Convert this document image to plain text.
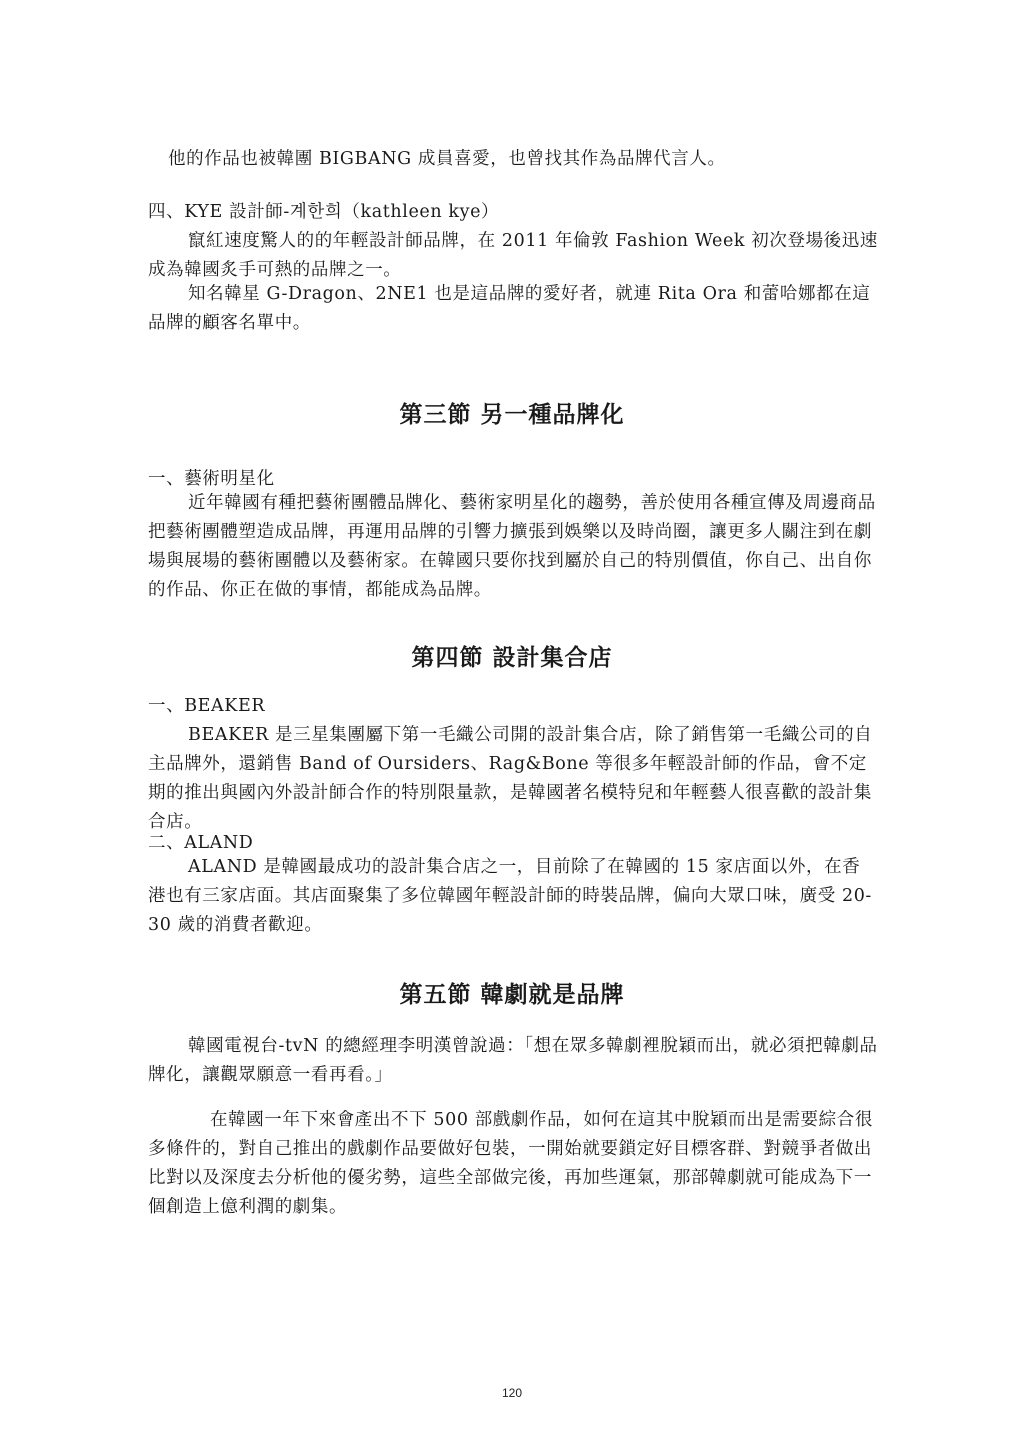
他的作品也被韓團 BIGBANG 成員喜愛，也曾找其作為品牌代言人。

四、KYE 設計師-계한희（kathleen kye）

竄紅速度驚人的的年輕設計師品牌，在 2011 年倫敦 Fashion Week 初次登場後迅速成為韓國炙手可熱的品牌之一。

知名韓星 G-Dragon、2NE1 也是這品牌的愛好者，就連 Rita Ora 和蕾哈娜都在這品牌的顧客名單中。

第三節 另一種品牌化

一、藝術明星化

近年韓國有種把藝術團體品牌化、藝術家明星化的趨勢，善於使用各種宣傳及周邊商品把藝術團體塑造成品牌，再運用品牌的引響力擴張到娛樂以及時尚圈，讓更多人關注到在劇場與展場的藝術團體以及藝術家。在韓國只要你找到屬於自己的特別價值，你自己、出自你的作品、你正在做的事情，都能成為品牌。

第四節 設計集合店

一、BEAKER

BEAKER 是三星集團屬下第一毛織公司開的設計集合店，除了銷售第一毛織公司的自主品牌外，還銷售 Band of Oursiders、Rag&Bone 等很多年輕設計師的作品，會不定期的推出與國內外設計師合作的特別限量款，是韓國著名模特兒和年輕藝人很喜歡的設計集合店。

二、ALAND

ALAND 是韓國最成功的設計集合店之一，目前除了在韓國的 15 家店面以外，在香港也有三家店面。其店面聚集了多位韓國年輕設計師的時裝品牌，偏向大眾口味，廣受 20-30 歲的消費者歡迎。

第五節 韓劇就是品牌

韓國電視台-tvN 的總經理李明漢曾說過：「想在眾多韓劇裡脫穎而出，就必須把韓劇品牌化，讓觀眾願意一看再看。」

在韓國一年下來會產出不下 500 部戲劇作品，如何在這其中脫穎而出是需要綜合很多條件的，對自己推出的戲劇作品要做好包裝，一開始就要鎖定好目標客群、對競爭者做出比對以及深度去分析他的優劣勢，這些全部做完後，再加些運氣，那部韓劇就可能成為下一個創造上億利潤的劇集。

120
